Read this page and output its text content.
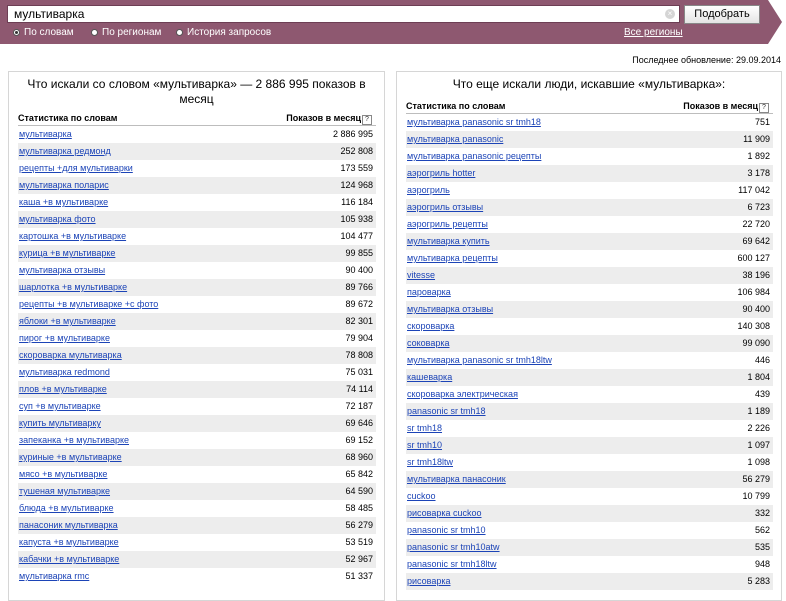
мультиварка
×	Подобрать
По словам	По регионам	История запросов	Все регионы
Последнее обновление: 29.09.2014
Что искали со словом «мультиварка» — 2 886 995 показов в месяц
Статистика по словам	Показов в месяц ?
мультиварка	2 886 995
мультиварка редмонд	252 808
рецепты +для мультиварки	173 559
мультиварка поларис	124 968
каша +в мультиварке	116 184
мультиварка фото	105 938
картошка +в мультиварке	104 477
курица +в мультиварке	99 855
мультиварка отзывы	90 400
шарлотка +в мультиварке	89 766
рецепты +в мультиварке +с фото	89 672
яблоки +в мультиварке	82 301
пирог +в мультиварке	79 904
скороварка мультиварка	78 808
мультиварка redmond	75 031
плов +в мультиварке	74 114
суп +в мультиварке	72 187
купить мультиварку	69 646
запеканка +в мультиварке	69 152
куриные +в мультиварке	68 960
мясо +в мультиварке	65 842
тушеная мультиварке	64 590
блюда +в мультиварке	58 485
панасоник мультиварка	56 279
капуста +в мультиварке	53 519
кабачки +в мультиварке	52 967
мультиварка rmc	51 337
Что еще искали люди, искавшие «мультиварка»:
Статистика по словам	Показов в месяц ?
мультиварка panasonic sr tmh18	751
мультиварка panasonic	11 909
мультиварка panasonic рецепты	1 892
аэрогриль hotter	3 178
аэрогриль	117 042
аэрогриль отзывы	6 723
аэрогриль рецепты	22 720
мультиварка купить	69 642
мультиварка рецепты	600 127
vitesse	38 196
пароварка	106 984
мультиварка отзывы	90 400
скороварка	140 308
соковарка	99 090
мультиварка panasonic sr tmh18ltw	446
кашеварка	1 804
скороварка электрическая	439
panasonic sr tmh18	1 189
sr tmh18	2 226
sr tmh10	1 097
sr tmh18ltw	1 098
мультиварка панасоник	56 279
cuckoo	10 799
рисоварка cuckoo	332
panasonic sr tmh10	562
panasonic sr tmh10atw	535
panasonic sr tmh18ltw	948
рисоварка	5 283
